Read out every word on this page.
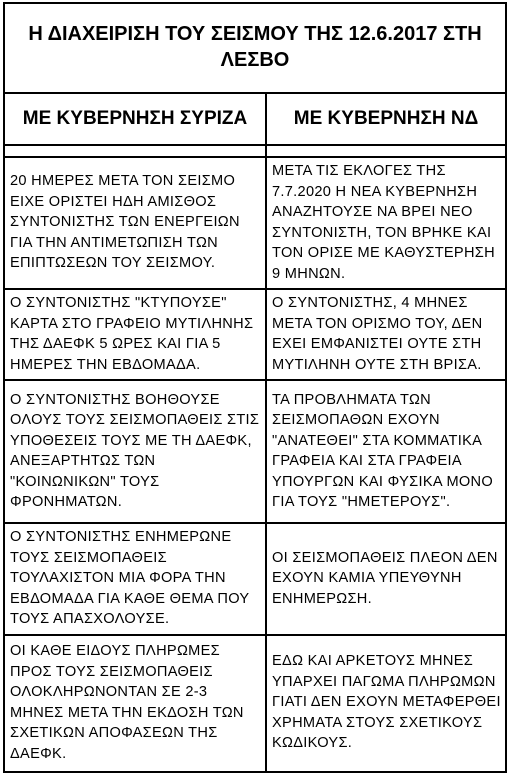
Η ΔΙΑΧΕΙΡΙΣΗ ΤΟΥ ΣΕΙΣΜΟΥ ΤΗΣ 12.6.2017 ΣΤΗ ΛΕΣΒΟ	
ΜΕ ΚΥΒΕΡΝΗΣΗ ΣΥΡΙΖΑ	ΜΕ ΚΥΒΕΡΝΗΣΗ ΝΔ

20 ΗΜΕΡΕΣ ΜΕΤΑ ΤΟΝ ΣΕΙΣΜΟ ΕΙΧΕ ΟΡΙΣΤΕΙ ΗΔΗ ΑΜΙΣΘΟΣ ΣΥΝΤΟΝΙΣΤΗΣ ΤΩΝ ΕΝΕΡΓΕΙΩΝ ΓΙΑ ΤΗΝ ΑΝΤΙΜΕΤΩΠΙΣΗ ΤΩΝ ΕΠΙΠΤΩΣΕΩΝ ΤΟΥ ΣΕΙΣΜΟΥ.	ΜΕΤΑ ΤΙΣ ΕΚΛΟΓΕΣ ΤΗΣ 7.7.2020 Η ΝΕΑ ΚΥΒΕΡΝΗΣΗ ΑΝΑΖΗΤΟΥΣΕ ΝΑ ΒΡΕΙ ΝΕΟ ΣΥΝΤΟΝΙΣΤΗ, ΤΟΝ ΒΡΗΚΕ ΚΑΙ ΤΟΝ ΟΡΙΣΕ ΜΕ ΚΑΘΥΣΤΕΡΗΣΗ 9 ΜΗΝΩΝ.

Ο ΣΥΝΤΟΝΙΣΤΗΣ "ΚΤΥΠΟΥΣΕ" ΚΑΡΤΑ ΣΤΟ ΓΡΑΦΕΙΟ ΜΥΤΙΛΗΝΗΣ ΤΗΣ ΔΑΕΦΚ 5 ΩΡΕΣ ΚΑΙ ΓΙΑ 5 ΗΜΕΡΕΣ ΤΗΝ ΕΒΔΟΜΑΔΑ.	Ο ΣΥΝΤΟΝΙΣΤΗΣ, 4 ΜΗΝΕΣ ΜΕΤΑ ΤΟΝ ΟΡΙΣΜΟ ΤΟΥ, ΔΕΝ ΕΧΕΙ ΕΜΦΑΝΙΣΤΕΙ ΟΥΤΕ ΣΤΗ ΜΥΤΙΛΗΝΗ ΟΥΤΕ ΣΤΗ ΒΡΙΣΑ.

Ο ΣΥΝΤΟΝΙΣΤΗΣ ΒΟΗΘΟΥΣΕ ΟΛΟΥΣ ΤΟΥΣ ΣΕΙΣΜΟΠΑΘΕΙΣ ΣΤΙΣ ΥΠΟΘΕΣΕΙΣ ΤΟΥΣ ΜΕ ΤΗ ΔΑΕΦΚ, ΑΝΕΞΑΡΤΗΤΩΣ ΤΩΝ "ΚΟΙΝΩΝΙΚΩΝ" ΤΟΥΣ ΦΡΟΝΗΜΑΤΩΝ.	ΤΑ ΠΡΟΒΛΗΜΑΤΑ ΤΩΝ ΣΕΙΣΜΟΠΑΘΩΝ ΕΧΟΥΝ "ΑΝΑΤΕΘΕΙ" ΣΤΑ ΚΟΜΜΑΤΙΚΑ ΓΡΑΦΕΙΑ ΚΑΙ ΣΤΑ ΓΡΑΦΕΙΑ ΥΠΟΥΡΓΩΝ ΚΑΙ ΦΥΣΙΚΑ ΜΟΝΟ ΓΙΑ ΤΟΥΣ "ΗΜΕΤΕΡΟΥΣ".

Ο ΣΥΝΤΟΝΙΣΤΗΣ ΕΝΗΜΕΡΩΝΕ ΤΟΥΣ ΣΕΙΣΜΟΠΑΘΕΙΣ ΤΟΥΛΑΧΙΣΤΟΝ ΜΙΑ ΦΟΡΑ ΤΗΝ ΕΒΔΟΜΑΔΑ ΓΙΑ ΚΑΘΕ ΘΕΜΑ ΠΟΥ ΤΟΥΣ ΑΠΑΣΧΟΛΟΥΣΕ.	ΟΙ ΣΕΙΣΜΟΠΑΘΕΙΣ ΠΛΕΟΝ ΔΕΝ ΕΧΟΥΝ ΚΑΜΙΑ ΥΠΕΥΘΥΝΗ ΕΝΗΜΕΡΩΣΗ.

ΟΙ ΚΑΘΕ ΕΙΔΟΥΣ ΠΛΗΡΩΜΕΣ ΠΡΟΣ ΤΟΥΣ ΣΕΙΣΜΟΠΑΘΕΙΣ ΟΛΟΚΛΗΡΩΝΟΝΤΑΝ ΣΕ 2-3 ΜΗΝΕΣ ΜΕΤΑ ΤΗΝ ΕΚΔΟΣΗ ΤΩΝ ΣΧΕΤΙΚΩΝ ΑΠΟΦΑΣΕΩΝ ΤΗΣ ΔΑΕΦΚ.	ΕΔΩ ΚΑΙ ΑΡΚΕΤΟΥΣ ΜΗΝΕΣ ΥΠΑΡΧΕΙ ΠΑΓΩΜΑ ΠΛΗΡΩΜΩΝ ΓΙΑΤΙ ΔΕΝ ΕΧΟΥΝ ΜΕΤΑΦΕΡΘΕΙ ΧΡΗΜΑΤΑ ΣΤΟΥΣ ΣΧΕΤΙΚΟΥΣ ΚΩΔΙΚΟΥΣ.
